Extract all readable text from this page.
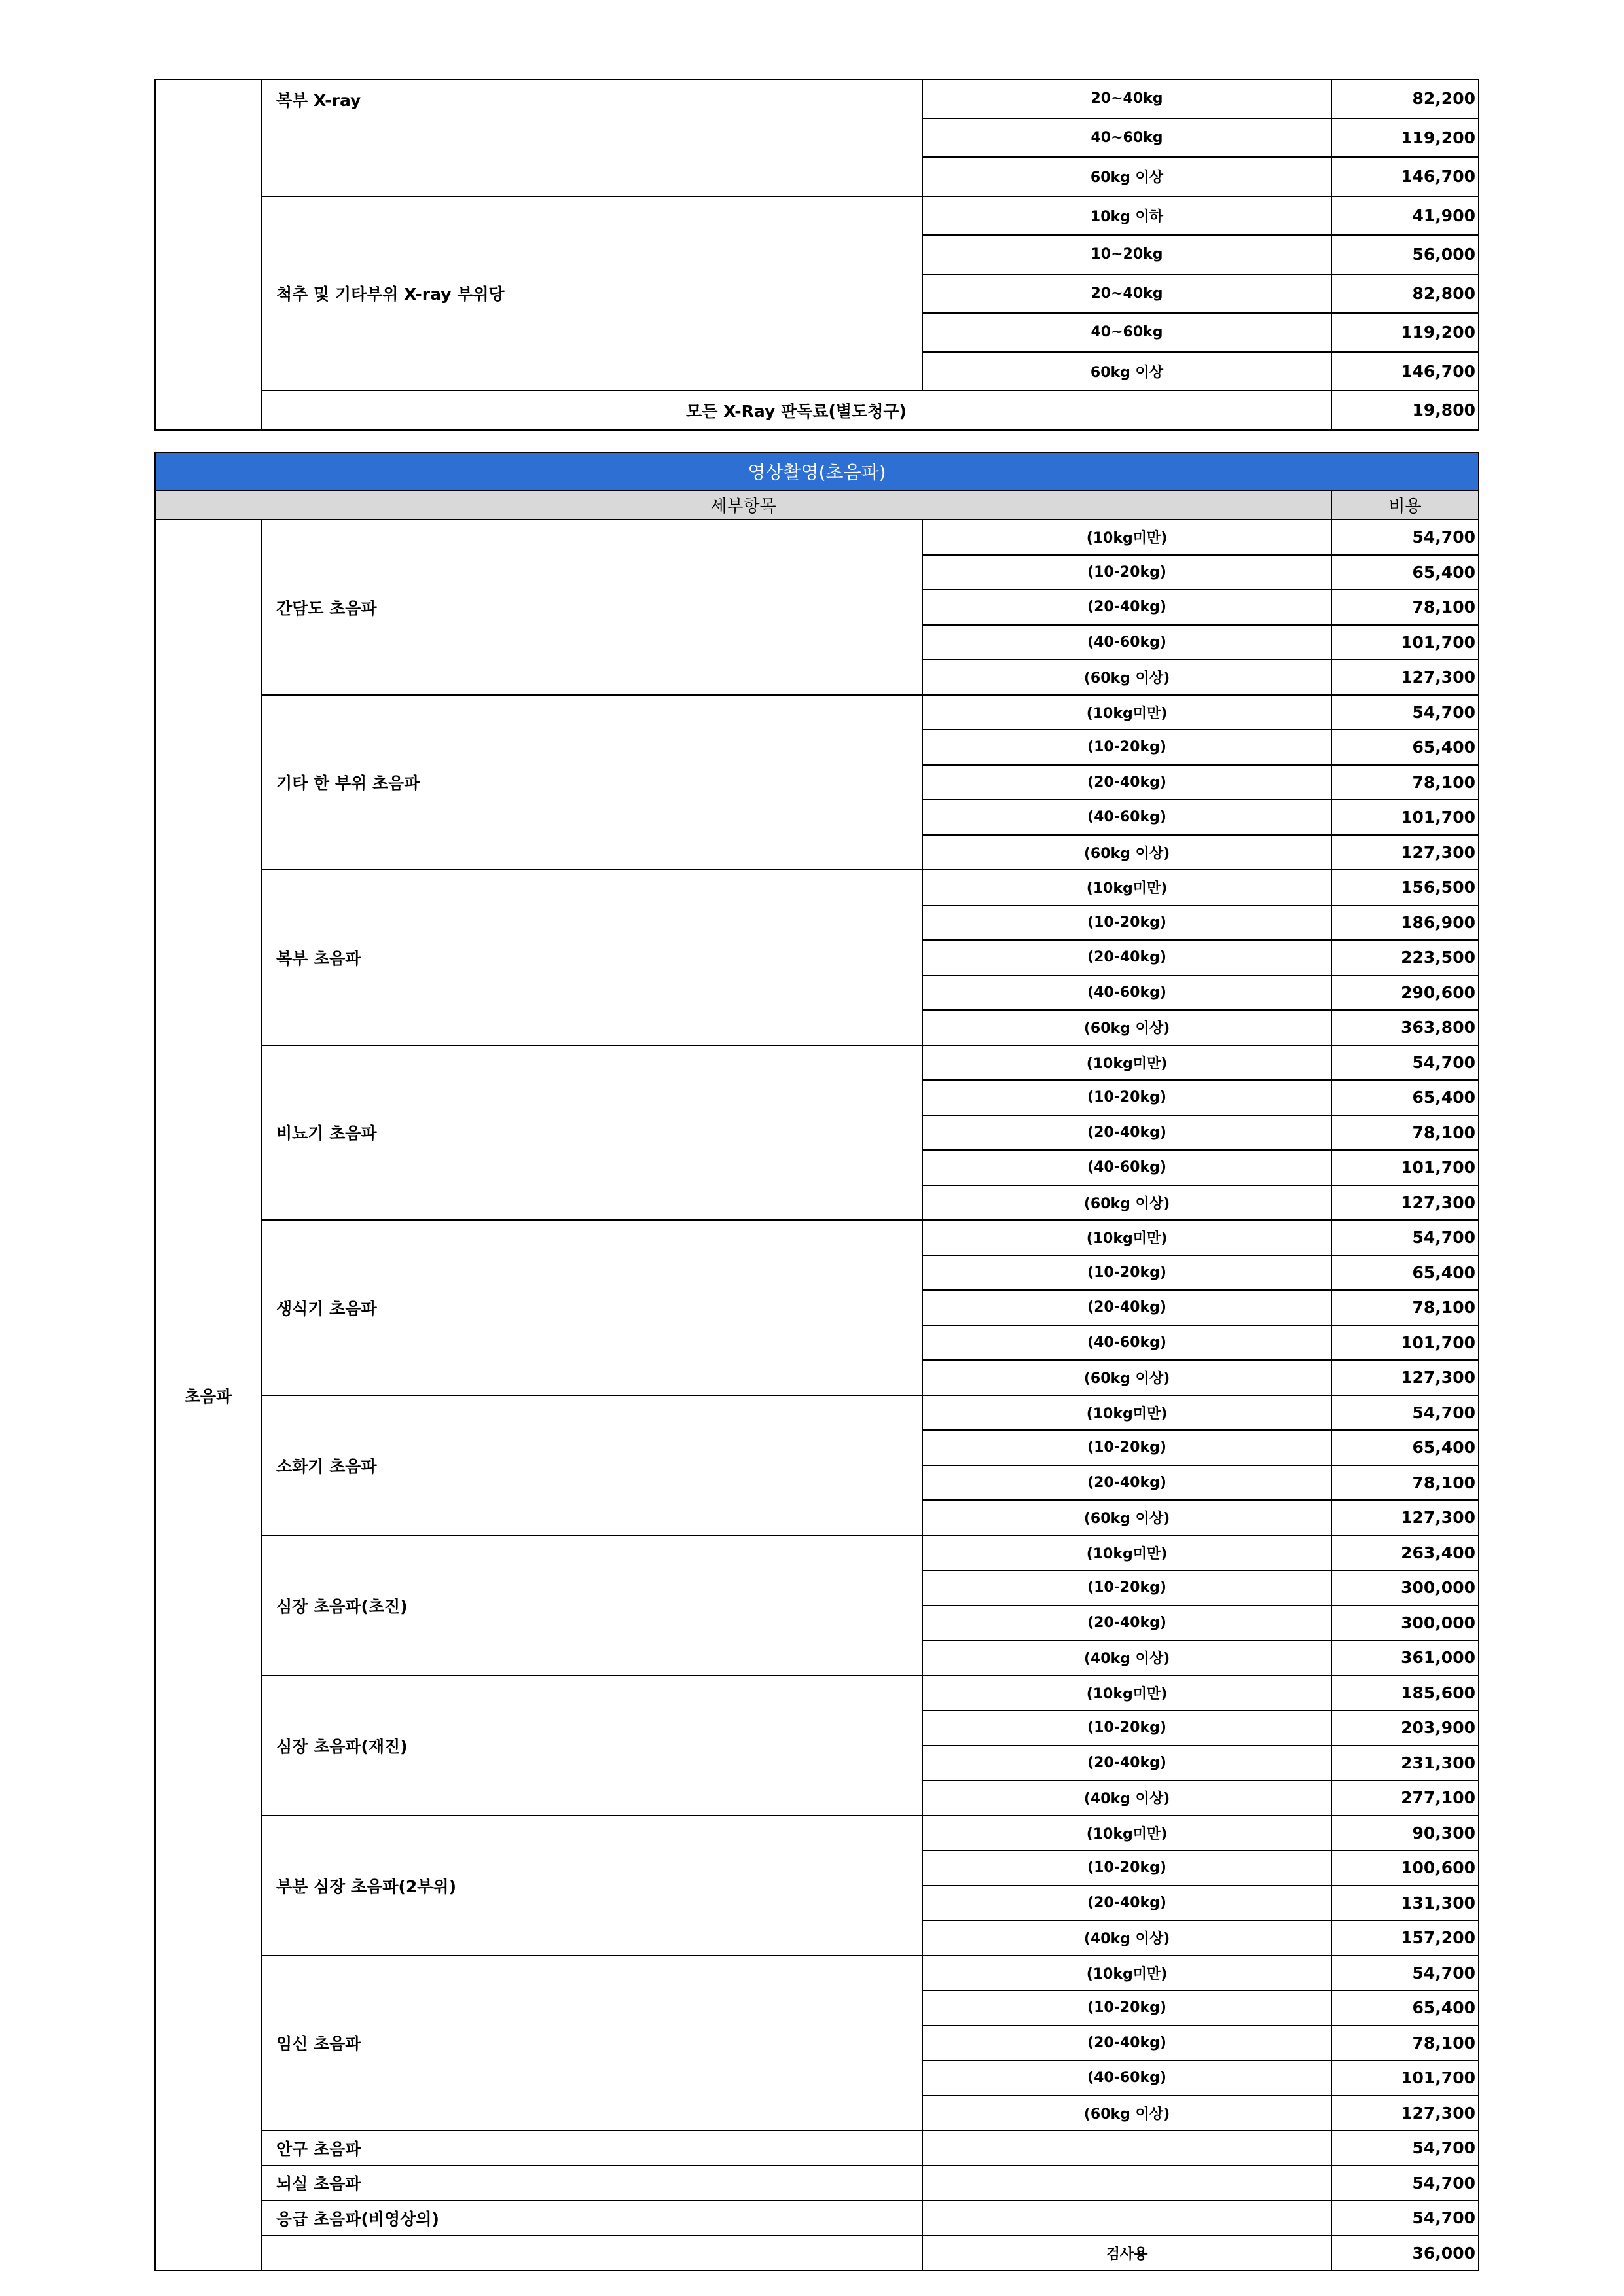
	복부 X-ray	20~40kg	82,200
		40~60kg	119,200
		60kg 이상	146,700
	척추 및 기타부위 X-ray 부위당	10kg 이하	41,900
		10~20kg	56,000
		20~40kg	82,800
		40~60kg	119,200
		60kg 이상	146,700
	모든 X-Ray 판독료(별도청구)		19,800
영상촬영(초음파)			
세부항목			비용
초음파	간담도 초음파	(10kg미만)	54,700
		(10-20kg)	65,400
		(20-40kg)	78,100
		(40-60kg)	101,700
		(60kg 이상)	127,300
	기타 한 부위 초음파	(10kg미만)	54,700
		(10-20kg)	65,400
		(20-40kg)	78,100
		(40-60kg)	101,700
		(60kg 이상)	127,300
	복부 초음파	(10kg미만)	156,500
		(10-20kg)	186,900
		(20-40kg)	223,500
		(40-60kg)	290,600
		(60kg 이상)	363,800
	비뇨기 초음파	(10kg미만)	54,700
		(10-20kg)	65,400
		(20-40kg)	78,100
		(40-60kg)	101,700
		(60kg 이상)	127,300
	생식기 초음파	(10kg미만)	54,700
		(10-20kg)	65,400
		(20-40kg)	78,100
		(40-60kg)	101,700
		(60kg 이상)	127,300
	소화기 초음파	(10kg미만)	54,700
		(10-20kg)	65,400
		(20-40kg)	78,100
		(60kg 이상)	127,300
	심장 초음파(초진)	(10kg미만)	263,400
		(10-20kg)	300,000
		(20-40kg)	300,000
		(40kg 이상)	361,000
	심장 초음파(재진)	(10kg미만)	185,600
		(10-20kg)	203,900
		(20-40kg)	231,300
		(40kg 이상)	277,100
	부분 심장 초음파(2부위)	(10kg미만)	90,300
		(10-20kg)	100,600
		(20-40kg)	131,300
		(40kg 이상)	157,200
	임신 초음파	(10kg미만)	54,700
		(10-20kg)	65,400
		(20-40kg)	78,100
		(40-60kg)	101,700
		(60kg 이상)	127,300
	안구 초음파		54,700
	뇌실 초음파		54,700
	응급 초음파(비영상의)		54,700
		검사용	36,000
